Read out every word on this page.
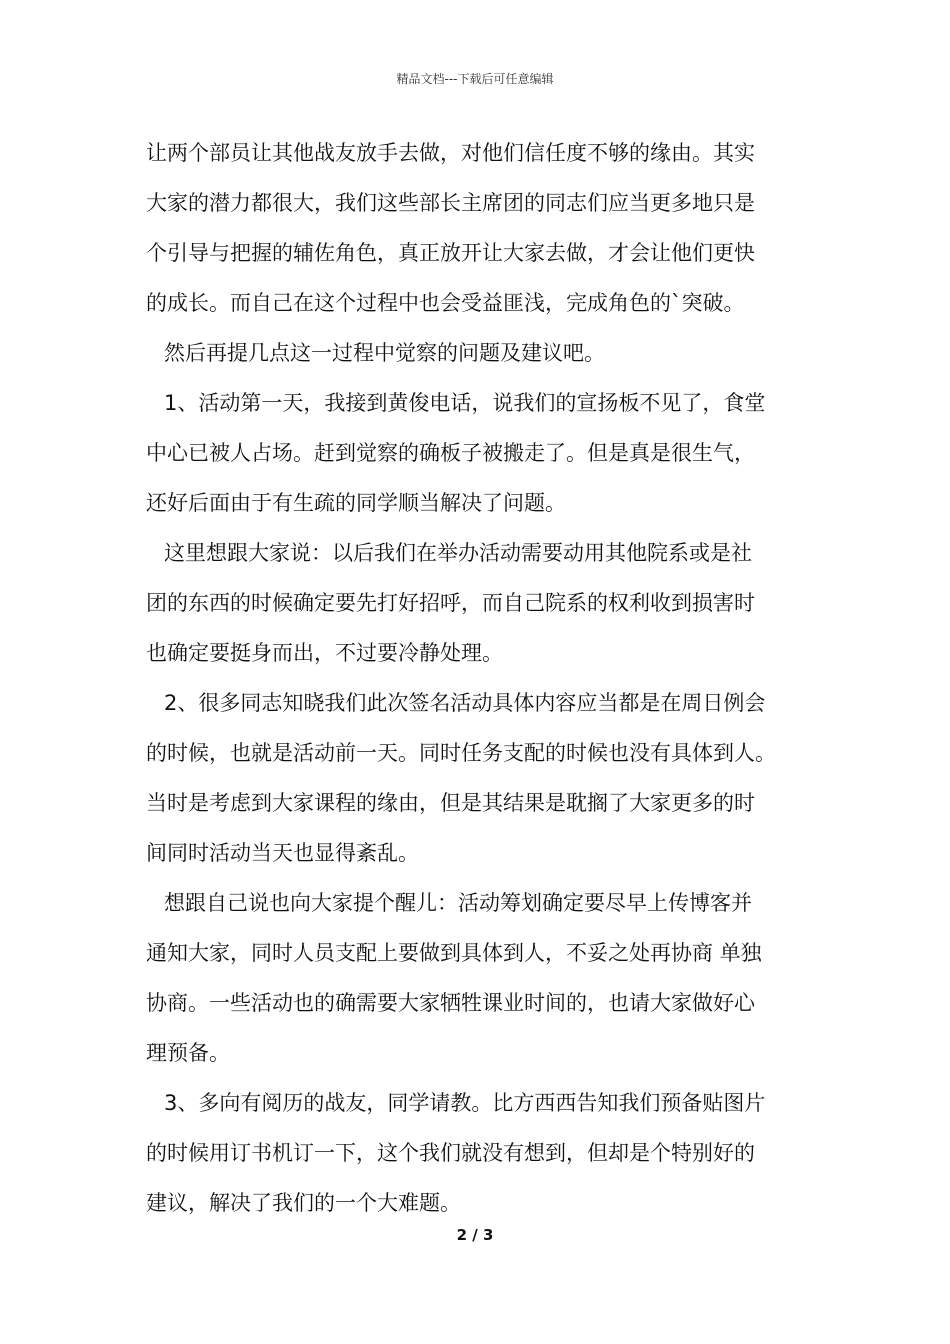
精品文档---下载后可任意编辑
让两个部员让其他战友放手去做，对他们信任度不够的缘由。其实
大家的潜力都很大，我们这些部长主席团的同志们应当更多地只是
个引导与把握的辅佐角色，真正放开让大家去做，才会让他们更快
的成长。而自己在这个过程中也会受益匪浅，完成角色的`突破。
然后再提几点这一过程中觉察的问题及建议吧。
1、活动第一天，我接到黄俊电话，说我们的宣扬板不见了，食堂
中心已被人占场。赶到觉察的确板子被搬走了。但是真是很生气，
还好后面由于有生疏的同学顺当解决了问题。
这里想跟大家说：以后我们在举办活动需要动用其他院系或是社
团的东西的时候确定要先打好招呼，而自己院系的权利收到损害时
也确定要挺身而出，不过要冷静处理。
2、很多同志知晓我们此次签名活动具体内容应当都是在周日例会
的时候，也就是活动前一天。同时任务支配的时候也没有具体到人。
当时是考虑到大家课程的缘由，但是其结果是耽搁了大家更多的时
间同时活动当天也显得紊乱。
想跟自己说也向大家提个醒儿：活动筹划确定要尽早上传博客并
通知大家，同时人员支配上要做到具体到人，不妥之处再协商 单独
协商。一些活动也的确需要大家牺牲课业时间的，也请大家做好心
理预备。
3、多向有阅历的战友，同学请教。比方西西告知我们预备贴图片
的时候用订书机订一下，这个我们就没有想到，但却是个特别好的
建议，解决了我们的一个大难题。
2 / 3
